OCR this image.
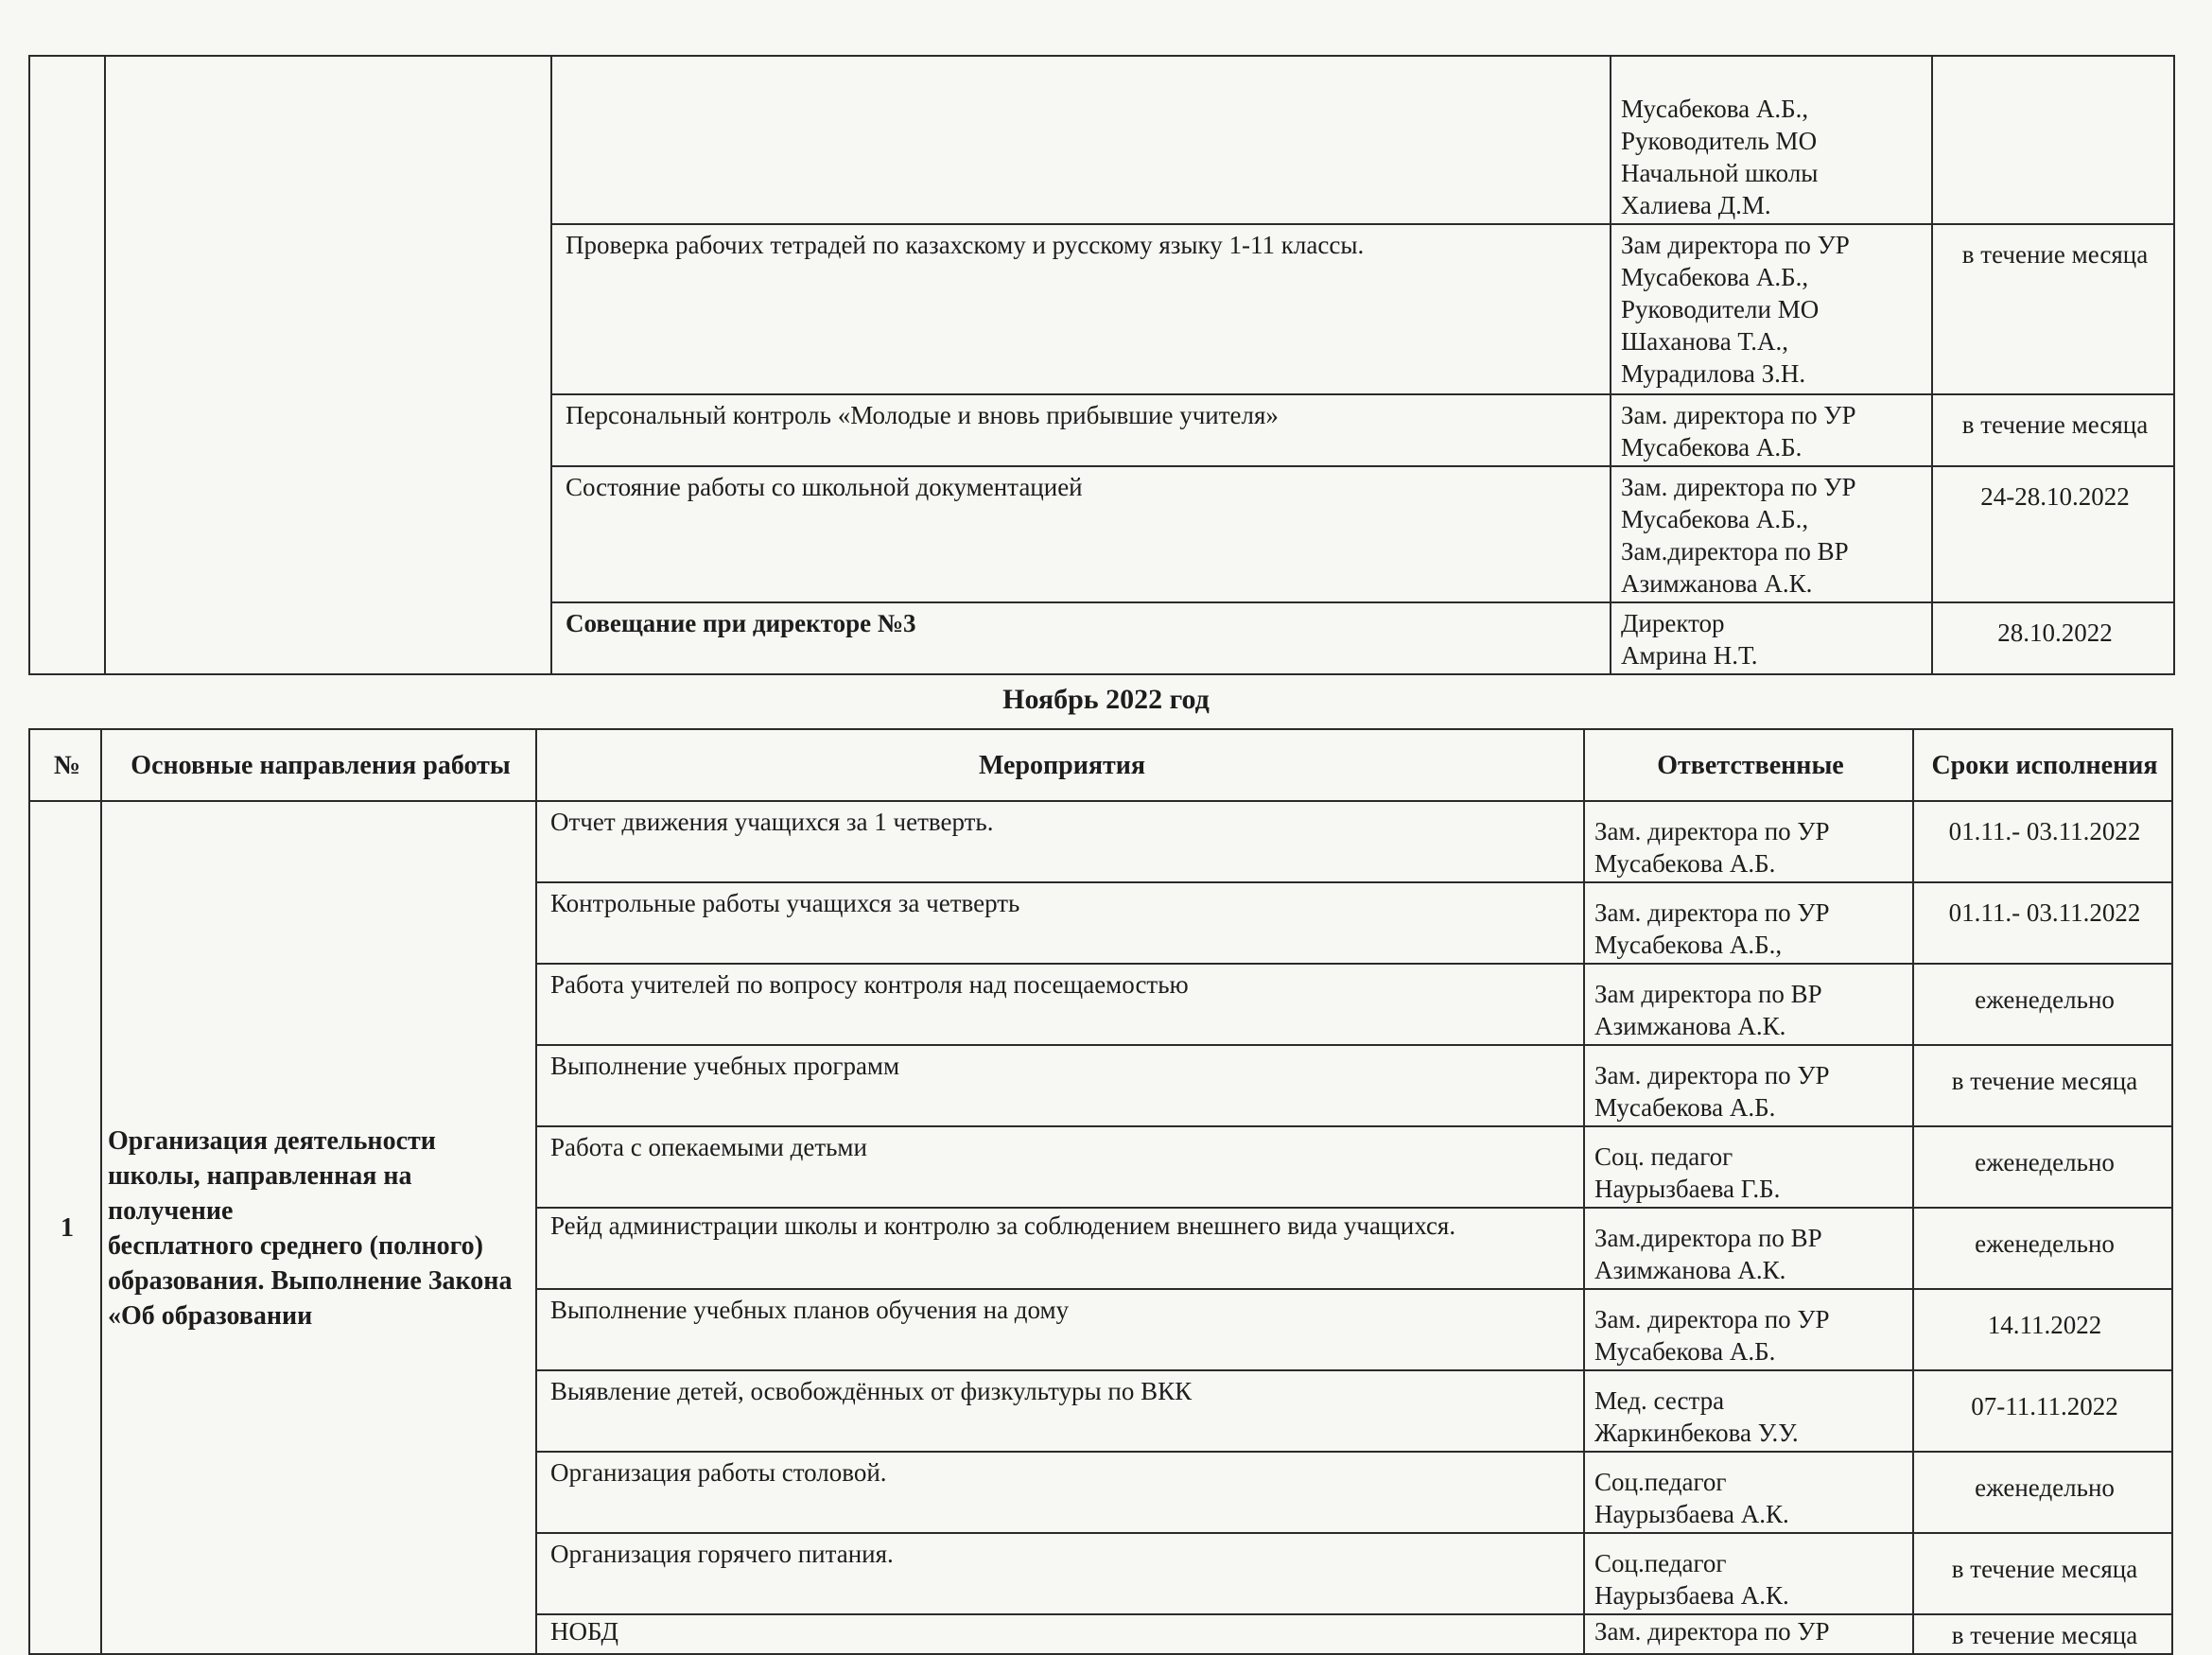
			Мусабекова А.Б.,
Руководитель МО
Начальной школы
Халиева Д.М.	
		Проверка рабочих тетрадей по казахскому и русскому языку 1-11 классы.	Зам директора по УР
Мусабекова А.Б.,
Руководители МО
Шаханова Т.А.,
Мурадилова З.Н.	в течение месяца
		Персональный контроль «Молодые и вновь прибывшие учителя»	Зам. директора по УР
Мусабекова А.Б.	в течение месяца
		Состояние работы со школьной документацией	Зам. директора по УР
Мусабекова А.Б.,
Зам.директора по ВР
Азимжанова А.К.	24-28.10.2022
		Совещание при директоре №3	Директор
Амрина Н.Т.	28.10.2022
Ноябрь 2022 год
№	Основные направления работы	Мероприятия	Ответственные	Сроки исполнения
1	Организация деятельности школы, направленная на получение
бесплатного среднего (полного) образования. Выполнение Закона «Об образовании	Отчет движения учащихся за 1 четверть.	Зам. директора по УР
Мусабекова А.Б.	01.11.- 03.11.2022
		Контрольные работы учащихся за четверть	Зам. директора по УР
Мусабекова А.Б.,	01.11.- 03.11.2022
		Работа учителей по вопросу контроля над посещаемостью	Зам директора по ВР
Азимжанова А.К.	еженедельно
		Выполнение учебных программ	Зам. директора по УР
Мусабекова А.Б.	в течение месяца
		Работа с опекаемыми детьми	Соц. педагог
Наурызбаева Г.Б.	еженедельно
		Рейд администрации школы и контролю за соблюдением внешнего вида учащихся.	Зам.директора по ВР
Азимжанова А.К.	еженедельно
		Выполнение учебных планов обучения на дому	Зам. директора по УР
Мусабекова А.Б.	14.11.2022
		Выявление детей, освобождённых от физкультуры по ВКК	Мед. сестра
Жаркинбекова У.У.	07-11.11.2022
		Организация работы столовой.	Соц.педагог
Наурызбаева А.К.	еженедельно
		Организация горячего питания.	Соц.педагог
Наурызбаева А.К.	в течение месяца
		НОБД	Зам. директора по УР	в течение месяца
